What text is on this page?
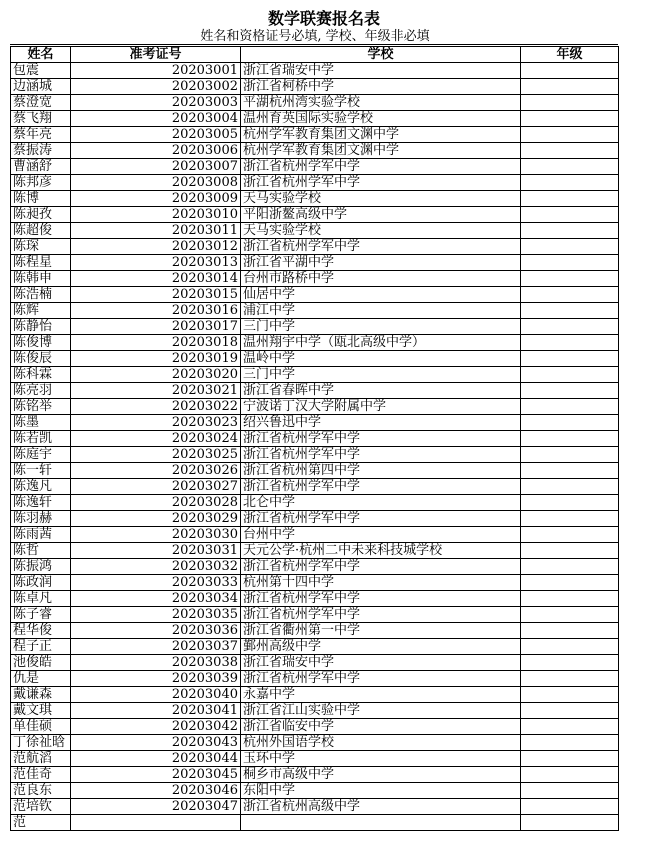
数学联赛报名表
姓名和资格证号必填, 学校、年级非必填
姓名	准考证号	学校	年级
包震	20203001	浙江省瑞安中学	
边涵城	20203002	浙江省柯桥中学	
蔡澄宽	20203003	平湖杭州湾实验学校	
蔡飞翔	20203004	温州育英国际实验学校	
蔡年亮	20203005	杭州学军教育集团文渊中学	
蔡振涛	20203006	杭州学军教育集团文渊中学	
曹涵舒	20203007	浙江省杭州学军中学	
陈邦彦	20203008	浙江省杭州学军中学	
陈博	20203009	天马实验学校	
陈昶孜	20203010	平阳浙鳌高级中学	
陈超俊	20203011	天马实验学校	
陈琛	20203012	浙江省杭州学军中学	
陈程星	20203013	浙江省平湖中学	
陈韩申	20203014	台州市路桥中学	
陈浩楠	20203015	仙居中学	
陈辉	20203016	浦江中学	
陈静怡	20203017	三门中学	
陈俊博	20203018	温州翔宇中学（瓯北高级中学）	
陈俊辰	20203019	温岭中学	
陈科霖	20203020	三门中学	
陈亮羽	20203021	浙江省春晖中学	
陈铭举	20203022	宁波诺丁汉大学附属中学	
陈墨	20203023	绍兴鲁迅中学	
陈若凯	20203024	浙江省杭州学军中学	
陈庭宇	20203025	浙江省杭州学军中学	
陈一轩	20203026	浙江省杭州第四中学	
陈逸凡	20203027	浙江省杭州学军中学	
陈逸轩	20203028	北仑中学	
陈羽赫	20203029	浙江省杭州学军中学	
陈雨茜	20203030	台州中学	
陈哲	20203031	天元公学·杭州二中未来科技城学校	
陈振鸿	20203032	浙江省杭州学军中学	
陈政润	20203033	杭州第十四中学	
陈卓凡	20203034	浙江省杭州学军中学	
陈子睿	20203035	浙江省杭州学军中学	
程华俊	20203036	浙江省衢州第一中学	
程子正	20203037	鄞州高级中学	
池俊皓	20203038	浙江省瑞安中学	
仇是	20203039	浙江省杭州学军中学	
戴谦森	20203040	永嘉中学	
戴文琪	20203041	浙江省江山实验中学	
单佳硕	20203042	浙江省临安中学	
丁徐祉晗	20203043	杭州外国语学校	
范航滔	20203044	玉环中学	
范佳奇	20203045	桐乡市高级中学	
范良东	20203046	东阳中学	
范培钦	20203047	浙江省杭州高级中学	
范			
